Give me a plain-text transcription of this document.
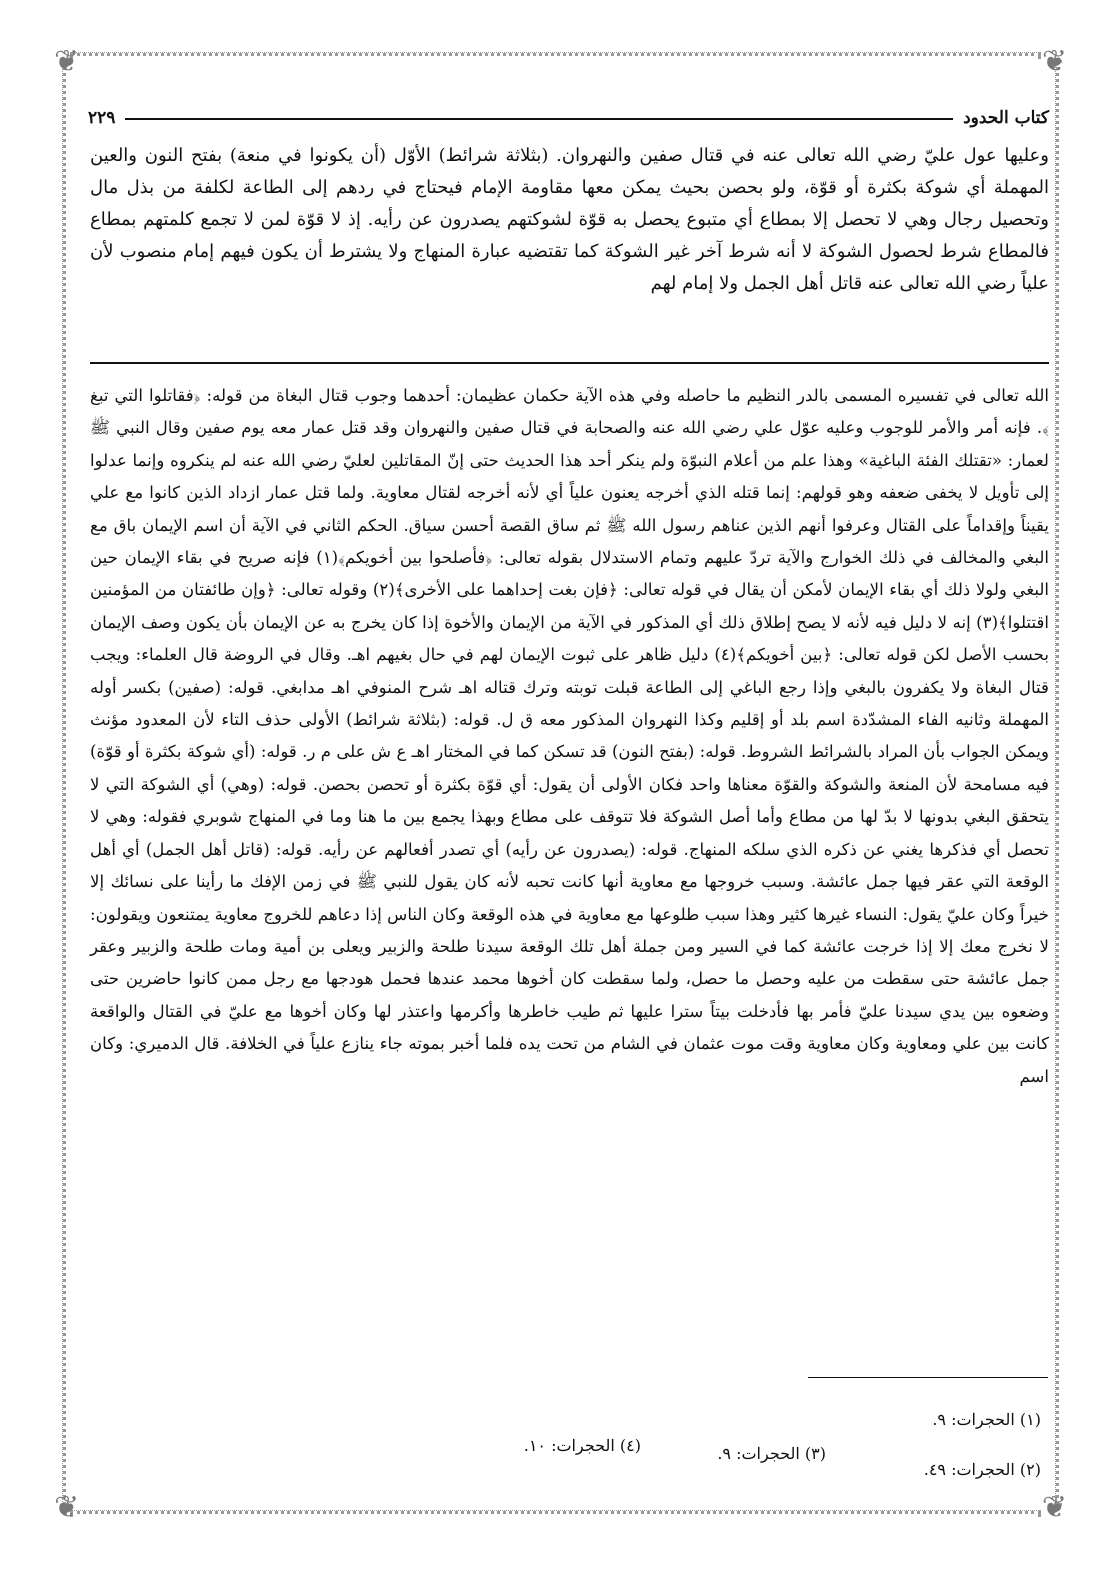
❦	❦
❦	❦
كتاب الحدود
٢٢٩
وعليها عول عليّ رضي الله تعالى عنه في قتال صفين والنهروان. (بثلاثة شرائط) الأوّل (أن يكونوا في منعة) بفتح النون والعين المهملة أي شوكة بكثرة أو قوّة، ولو بحصن بحيث يمكن معها مقاومة الإمام فيحتاج في ردهم إلى الطاعة لكلفة من بذل مال وتحصيل رجال وهي لا تحصل إلا بمطاع أي متبوع يحصل به قوّة لشوكتهم يصدرون عن رأيه. إذ لا قوّة لمن لا تجمع كلمتهم بمطاع فالمطاع شرط لحصول الشوكة لا أنه شرط آخر غير الشوكة كما تقتضيه عبارة المنهاج ولا يشترط أن يكون فيهم إمام منصوب لأن علياً رضي الله تعالى عنه قاتل أهل الجمل ولا إمام لهم
الله تعالى في تفسيره المسمى بالدر النظيم ما حاصله وفي هذه الآية حكمان عظيمان: أحدهما وجوب قتال البغاة من قوله: ﴿فقاتلوا التي تبغ ﴾. فإنه أمر والأمر للوجوب وعليه عوّل علي رضي الله عنه والصحابة في قتال صفين والنهروان وقد قتل عمار معه يوم صفين وقال النبي ﷺ لعمار: «تقتلك الفئة الباغية» وهذا علم من أعلام النبوّة ولم ينكر أحد هذا الحديث حتى إنّ المقاتلين لعليّ رضي الله عنه لم ينكروه وإنما عدلوا إلى تأويل لا يخفى ضعفه وهو قولهم: إنما قتله الذي أخرجه يعنون علياً أي لأنه أخرجه لقتال معاوية. ولما قتل عمار ازداد الذين كانوا مع علي يقيناً وإقداماً على القتال وعرفوا أنهم الذين عناهم رسول الله ﷺ ثم ساق القصة أحسن سياق. الحكم الثاني في الآية أن اسم الإيمان باق مع البغي والمخالف في ذلك الخوارج والآية تردّ عليهم وتمام الاستدلال بقوله تعالى: ﴿فأصلحوا بين أخويكم﴾(١) فإنه صريح في بقاء الإيمان حين البغي ولولا ذلك أي بقاء الإيمان لأمكن أن يقال في قوله تعالى: ﴿فإن بغت إحداهما على الأخرى﴾(٢) وقوله تعالى: ﴿وإن طائفتان من المؤمنين اقتتلوا﴾(٣) إنه لا دليل فيه لأنه لا يصح إطلاق ذلك أي المذكور في الآية من الإيمان والأخوة إذا كان يخرج به عن الإيمان بأن يكون وصف الإيمان بحسب الأصل لكن قوله تعالى: ﴿بين أخويكم﴾(٤) دليل ظاهر على ثبوت الإيمان لهم في حال بغيهم اهـ. وقال في الروضة قال العلماء: ويجب قتال البغاة ولا يكفرون بالبغي وإذا رجع الباغي إلى الطاعة قبلت توبته وترك قتاله اهـ شرح المنوفي اهـ مدابغي. قوله: (صفين) بكسر أوله المهملة وثانيه الفاء المشدّدة اسم بلد أو إقليم وكذا النهروان المذكور معه ق ل. قوله: (بثلاثة شرائط) الأولى حذف التاء لأن المعدود مؤنث ويمكن الجواب بأن المراد بالشرائط الشروط. قوله: (بفتح النون) قد تسكن كما في المختار اهـ ع ش على م ر. قوله: (أي شوكة بكثرة أو قوّة) فيه مسامحة لأن المنعة والشوكة والقوّة معناها واحد فكان الأولى أن يقول: أي قوّة بكثرة أو تحصن بحصن. قوله: (وهي) أي الشوكة التي لا يتحقق البغي بدونها لا بدّ لها من مطاع وأما أصل الشوكة فلا تتوقف على مطاع وبهذا يجمع بين ما هنا وما في المنهاج شوبري فقوله: وهي لا تحصل أي فذكرها يغني عن ذكره الذي سلكه المنهاج. قوله: (يصدرون عن رأيه) أي تصدر أفعالهم عن رأيه. قوله: (قاتل أهل الجمل) أي أهل الوقعة التي عقر فيها جمل عائشة. وسبب خروجها مع معاوية أنها كانت تحبه لأنه كان يقول للنبي ﷺ في زمن الإفك ما رأينا على نسائك إلا خيراً وكان عليّ يقول: النساء غيرها كثير وهذا سبب طلوعها مع معاوية في هذه الوقعة وكان الناس إذا دعاهم للخروج معاوية يمتنعون ويقولون: لا نخرج معك إلا إذا خرجت عائشة كما في السير ومن جملة أهل تلك الوقعة سيدنا طلحة والزبير ويعلى بن أمية ومات طلحة والزبير وعقر جمل عائشة حتى سقطت من عليه وحصل ما حصل، ولما سقطت كان أخوها محمد عندها فحمل هودجها مع رجل ممن كانوا حاضرين حتى وضعوه بين يدي سيدنا عليّ فأمر بها فأدخلت بيتاً سترا عليها ثم طيب خاطرها وأكرمها واعتذر لها وكان أخوها مع عليّ في القتال والواقعة كانت بين علي ومعاوية وكان معاوية وقت موت عثمان في الشام من تحت يده فلما أخبر بموته جاء ينازع علياً في الخلافة. قال الدميري: وكان اسم
(١) الحجرات: ٩.
(٢) الحجرات: ٤٩.
(٣) الحجرات: ٩.
(٤) الحجرات: ١٠.
